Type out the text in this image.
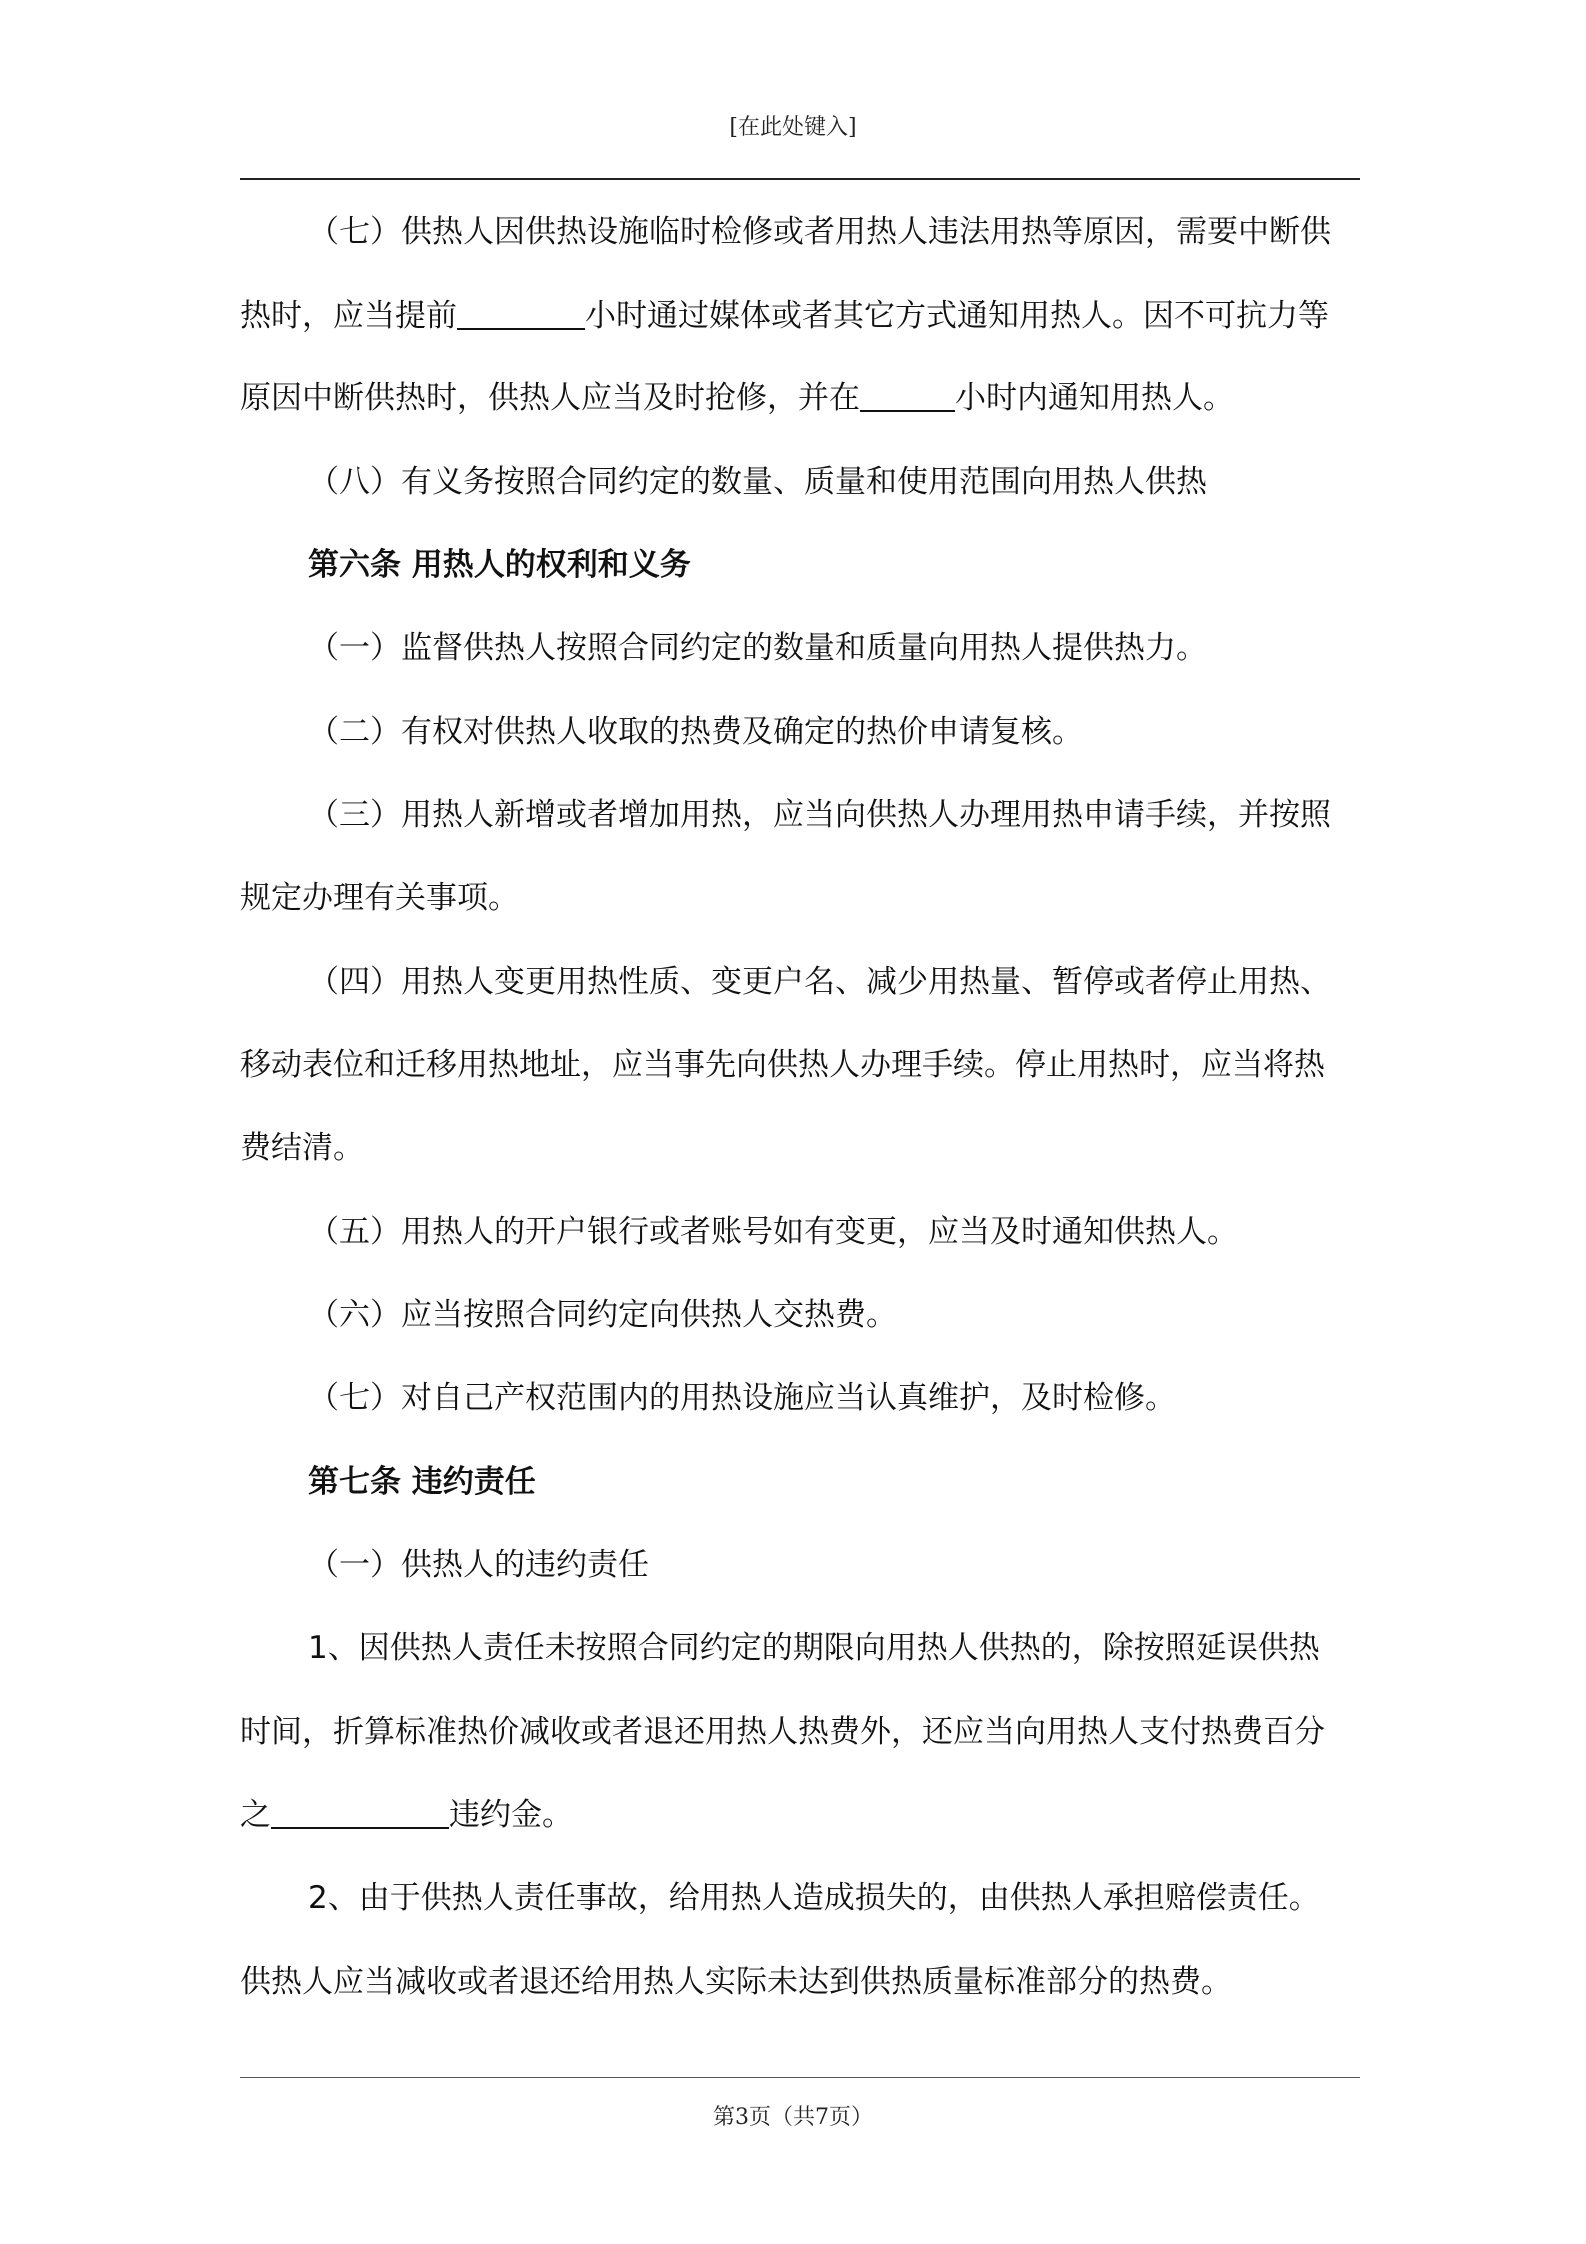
[在此处键入]
（七）供热人因供热设施临时检修或者用热人违法用热等原因，需要中断供
热时，应当提前	小时通过媒体或者其它方式通知用热人。因不可抗力等
原因中断供热时，供热人应当及时抢修，并在	小时内通知用热人。
（八）有义务按照合同约定的数量、质量和使用范围向用热人供热
第六条 用热人的权利和义务
（一）监督供热人按照合同约定的数量和质量向用热人提供热力。
（二）有权对供热人收取的热费及确定的热价申请复核。
（三）用热人新增或者增加用热，应当向供热人办理用热申请手续，并按照
规定办理有关事项。
（四）用热人变更用热性质、变更户名、减少用热量、暂停或者停止用热、
移动表位和迁移用热地址，应当事先向供热人办理手续。停止用热时，应当将热
费结清。
（五）用热人的开户银行或者账号如有变更，应当及时通知供热人。
（六）应当按照合同约定向供热人交热费。
（七）对自己产权范围内的用热设施应当认真维护，及时检修。
第七条 违约责任
（一）供热人的违约责任
1、因供热人责任未按照合同约定的期限向用热人供热的，除按照延误供热
时间，折算标准热价减收或者退还用热人热费外，还应当向用热人支付热费百分
之	违约金。
2、由于供热人责任事故，给用热人造成损失的，由供热人承担赔偿责任。
供热人应当减收或者退还给用热人实际未达到供热质量标准部分的热费。
第3页（共7页）
